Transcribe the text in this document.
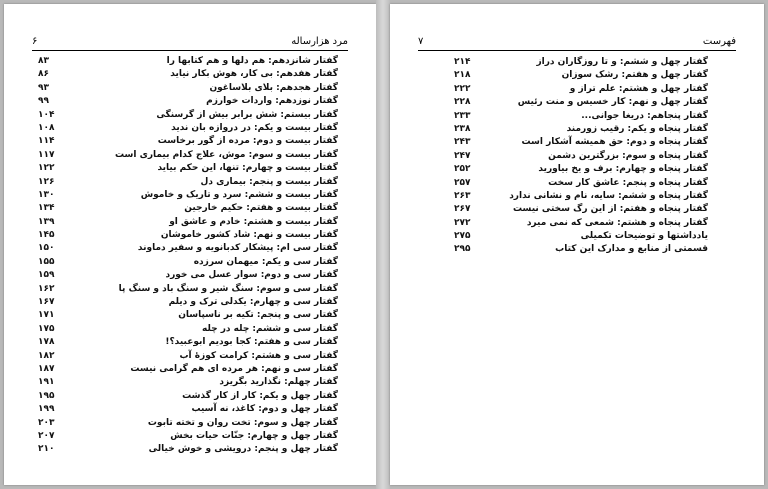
۶	مرد هزارساله
۸۳	گفتار شانزدهم: هم دلها و هم کتابها را
۸۶	گفتار هفدهم: بی کار، هوش بکار نیاید
۹۳	گفتار هجدهم: بلای بلاساغون
۹۹	گفتار نوزدهم: واردات خوارزم
۱۰۴	گفتار بیستم: شش برابر بیش از گرسنگی
۱۰۸	گفتار بیست و یکم: در دروازه بان ندید
۱۱۴	گفتار بیست و دوم: مرده از گور برخاست
۱۱۷	گفتار بیست و سوم: موش، علاج کدام بیماری است
۱۲۲	گفتار بیست و چهارم: تنها، این حکم بیاید
۱۲۶	گفتار بیست و پنجم: بیماری دل
۱۳۰	گفتار بیست و ششم: سرد و تاریک و خاموش
۱۳۴	گفتار بیست و هفتم: حکیم خارجین
۱۳۹	گفتار بیست و هشتم: خادم و عاشق او
۱۴۵	گفتار بیست و نهم: شاد کشور خاموشان
۱۵۰	گفتار سی ام: پیشکار کدبانویه و سفیر دماوند
۱۵۵	گفتار سی و یکم: میهمان سرزده
۱۵۹	گفتار سی و دوم: سوار عسل می خورد
۱۶۲	گفتار سی و سوم: سنگ شیر و سنگ باد و سنگ پا
۱۶۷	گفتار سی و چهارم: یکدلی ترک و دیلم
۱۷۱	گفتار سی و پنجم: تکیه بر ناسپاسان
۱۷۵	گفتار سی و ششم: چله در چله
۱۷۸	گفتار سی و هفتم: کجا بودیم ابوعبید؟!
۱۸۲	گفتار سی و هشتم: کرامت کوزهٔ آب
۱۸۷	گفتار سی و نهم: هر مرده ای هم گرامی نیست
۱۹۱	گفتار چهلم: نگذارید بگریزد
۱۹۵	گفتار چهل و یکم: کار از کار گذشت
۱۹۹	گفتار چهل و دوم: کاغذ، نه آسیب
۲۰۳	گفتار چهل و سوم: تخت روان و تخته تابوت
۲۰۷	گفتار چهل و چهارم: جنّات حیات بخش
۲۱۰	گفتار چهل و پنجم: درویشی و خوش خیالی
۷	فهرست
۲۱۴	گفتار چهل و ششم: و تا روزگاران دراز
۲۱۸	گفتار چهل و هفتم: رشک سوزان
۲۲۲	گفتار چهل و هشتم: علم تراز و
۲۲۸	گفتار چهل و نهم: کار خسیس و منت رئیس
۲۳۳	گفتار پنجاهم: دریغا جوانی...
۲۳۸	گفتار پنجاه و یکم: رقیب زورمند
۲۴۳	گفتار پنجاه و دوم: حق همیشه آشکار است
۲۴۷	گفتار پنجاه و سوم: بزرگترین دشمن
۲۵۲	گفتار پنجاه و چهارم: برف و یخ بیاورید
۲۵۷	گفتار پنجاه و پنجم: عاشق کار سخت
۲۶۳	گفتار پنجاه و ششم: سایه، نام و نشانی ندارد
۲۶۷	گفتار پنجاه و هفتم: از این رگ سختی نیست
۲۷۲	گفتار پنجاه و هشتم: شمعی که نمی میرد
۲۷۵	یادداشتها و توضیحات تکمیلی
۲۹۵	قسمتی از منابع و مدارک این کتاب
